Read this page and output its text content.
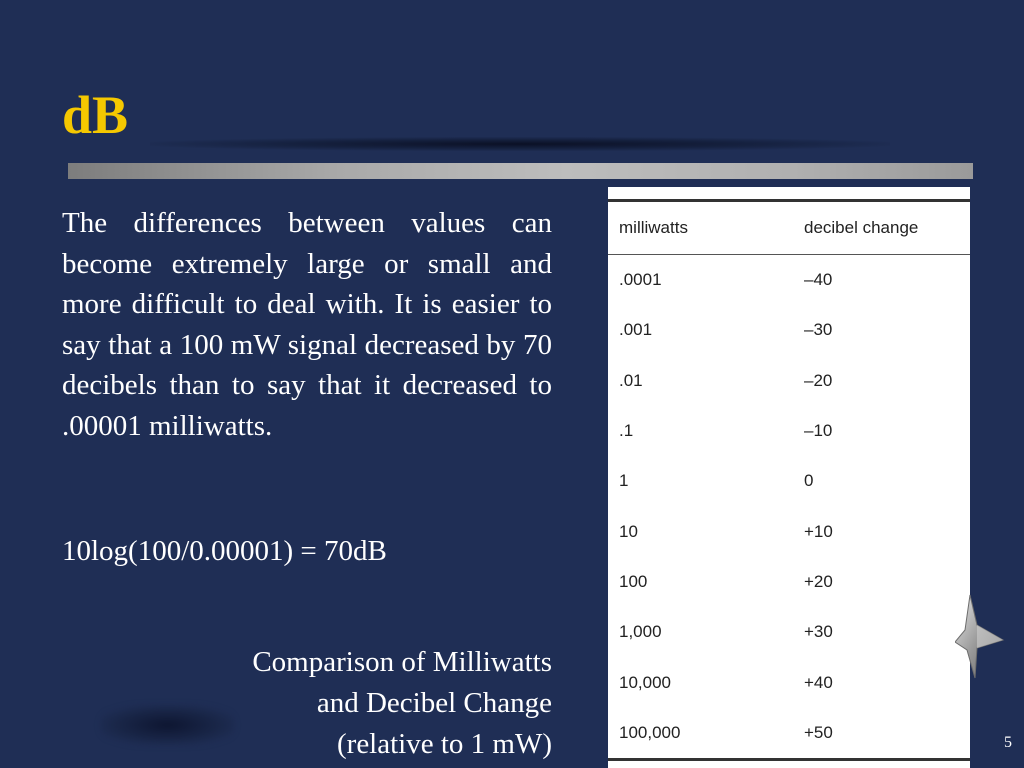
dB
The differences between values can become extremely large or small and more difficult to deal with. It is easier to say that a 100 mW signal decreased by 70 decibels than to say that it decreased to .00001 milliwatts.
10log(100/0.00001) = 70dB
Comparison of Milliwatts
and Decibel Change
(relative to 1 mW)
milliwatts	decibel change
.0001	–40
.001	–30
.01	–20
.1	–10
1	0
10	+10
100	+20
1,000	+30
10,000	+40
100,000	+50
5
